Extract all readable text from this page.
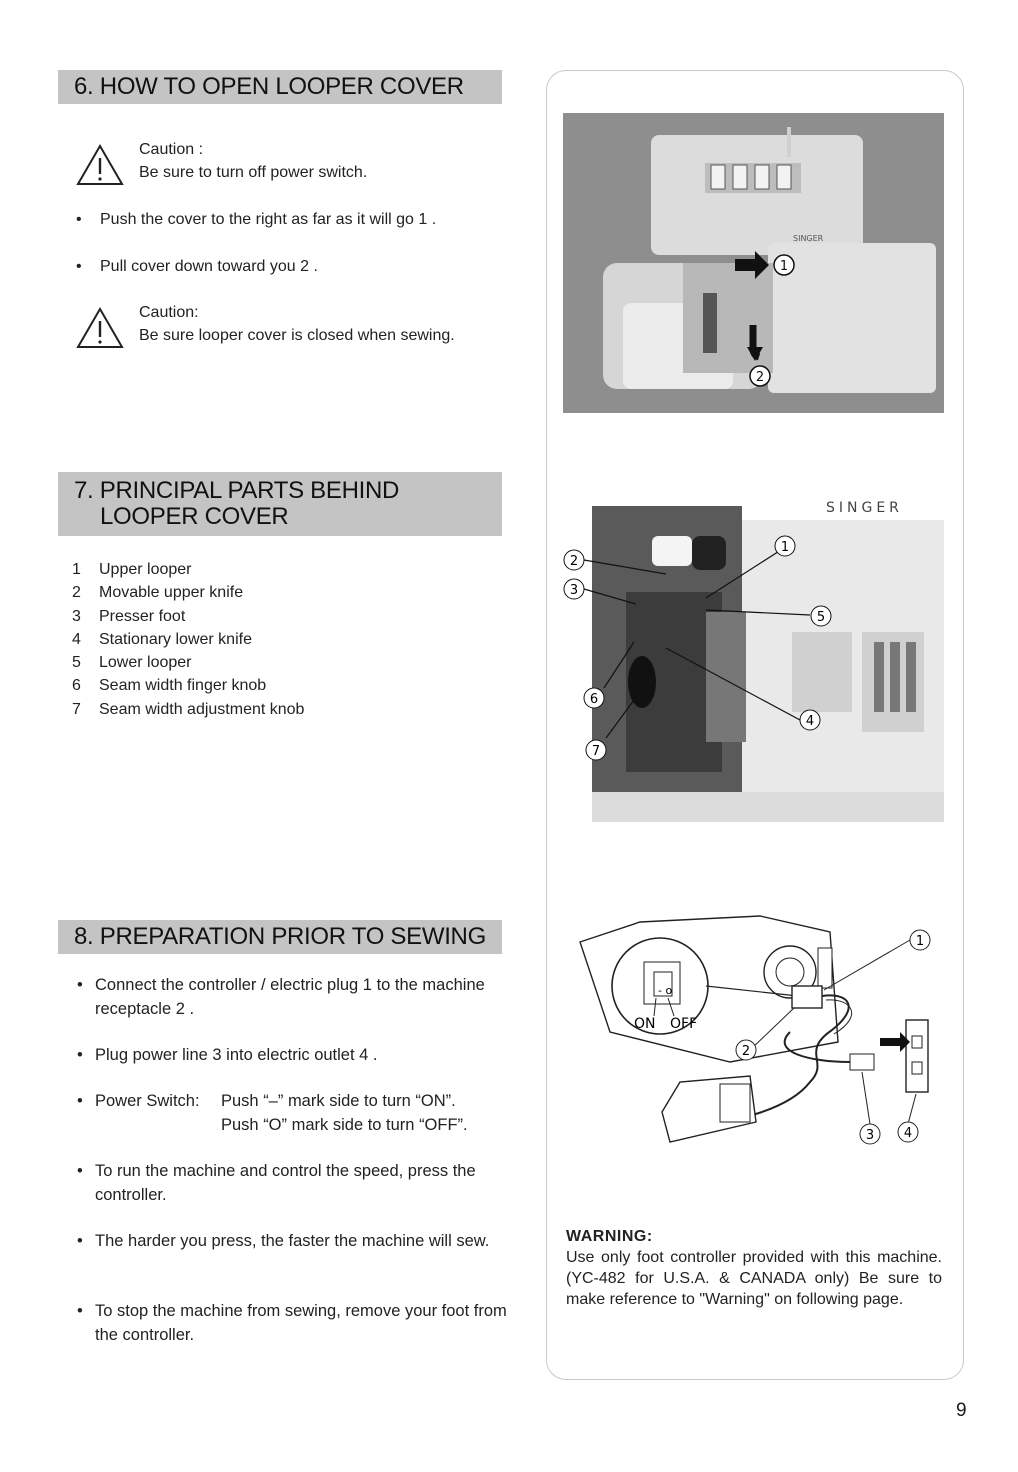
6. HOW TO OPEN LOOPER COVER
Caution :
Be sure to turn off power switch.
• Push the cover to the right as far as it will go 1 .
• Pull cover down toward you 2 .
Caution:
Be sure looper cover is closed when sewing.
SINGER
1
2
7. PRINCIPAL PARTS BEHIND
LOOPER COVER
1 Upper looper
2 Movable upper knife
3 Presser foot
4 Stationary lower knife
5 Lower looper
6 Seam width finger knob
7 Seam width adjustment knob
SINGER
1
2
3
4
5
6
7
8. PREPARATION PRIOR TO SEWING
• Connect the controller / electric plug 1 to the machine receptacle 2 .
• Plug power line 3 into electric outlet 4 .
• Power Switch: Push “–” mark side to turn “ON”.
Push “O” mark side to turn “OFF”.
• To run the machine and control the speed, press the controller.
• The harder you press, the faster the machine will sew.
• To stop the machine from sewing, remove your foot from the controller.
- o
ON OFF
1
2
3 4
WARNING:
Use only foot controller provided with this machine. (YC-482 for U.S.A. & CANADA only) Be sure to make reference to "Warning" on following page.
9
